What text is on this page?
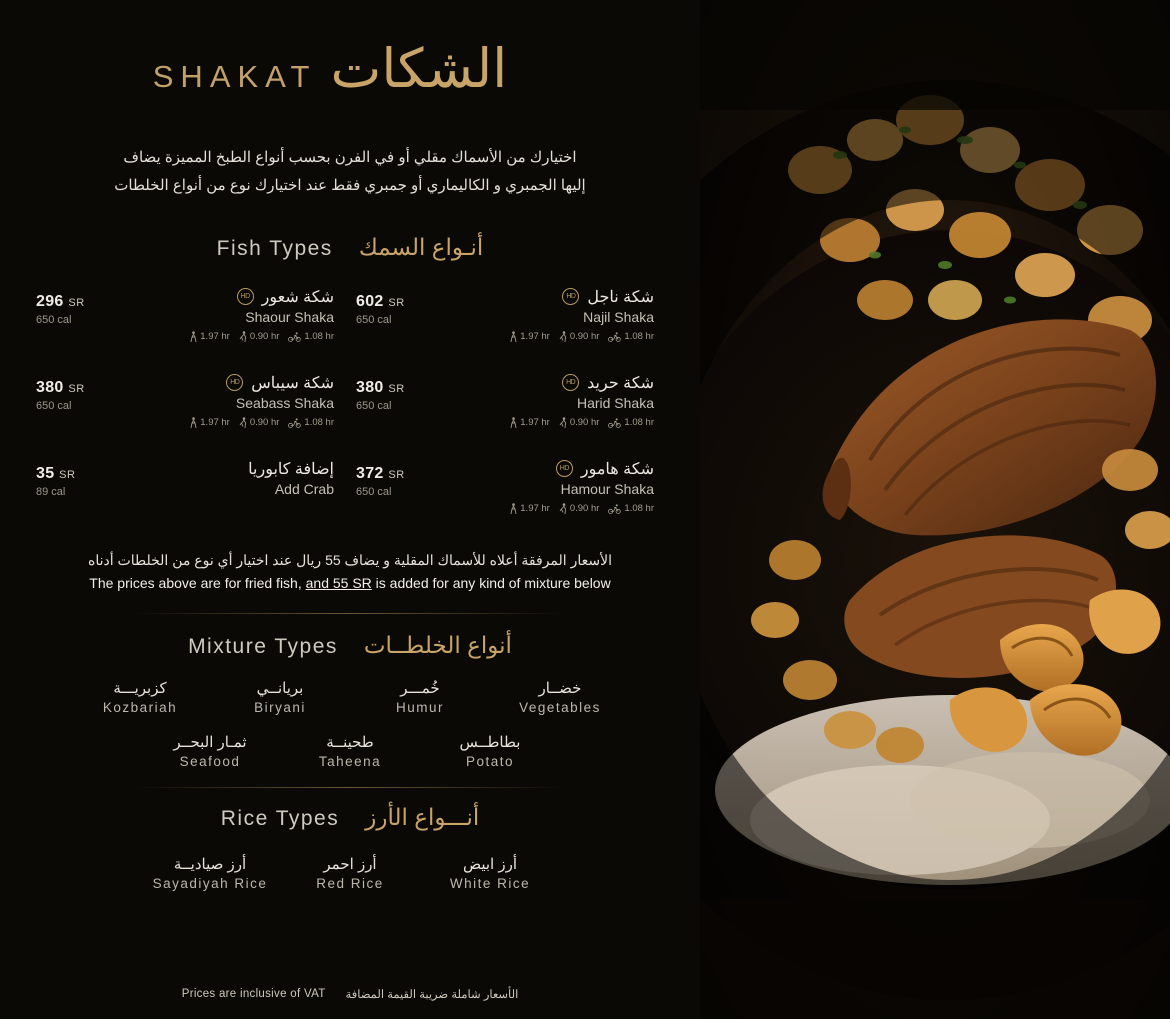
SHAKAT الشكات
اختيارك من الأسماك مقلي أو في الفرن بحسب أنواع الطبخ المميزة يضاف
إليها الجمبري و الكاليماري أو جمبري فقط عند اختيارك نوع من أنواع الخلطات
Fish Types أنـواع السمك
296 SR
650 cal
HD شكة شعور
Shaour Shaka
1.97 hr 0.90 hr	1.08 hr
602 SR
650 cal
HD شكة ناجل
Najil Shaka
1.97 hr 0.90 hr	1.08 hr
380 SR
650 cal
HD شكة سيباس
Seabass Shaka
1.97 hr 0.90 hr	1.08 hr
380 SR
650 cal
HD شكة حريد
Harid Shaka
1.97 hr 0.90 hr	1.08 hr
35 SR
89 cal
إضافة كابوريا
Add Crab
372 SR
650 cal
HD شكة هامور
Hamour Shaka
1.97 hr 0.90 hr	1.08 hr
الأسعار المرفقة أعلاه للأسماك المقلية و يضاف 55 ريال عند اختيار أي نوع من الخلطات أدناه
The prices above are for fried fish, and 55 SR is added for any kind of mixture below
Mixture Types أنواع الخلطــات
كزبريـــة
Kozbariah
بريانــي
Biryani
خُمـــر
Humur
خضــار
Vegetables
ثمـار البحــر
Seafood
طحينــة
Taheena
بطاطــس
Potato
Rice Types أنـــواع الأرز
أرز صياديــة
Sayadiyah Rice
أرز احمر
Red Rice
أرز ابيض
White Rice
Prices are inclusive of VAT الأسعار شاملة ضريبة القيمة المضافة
